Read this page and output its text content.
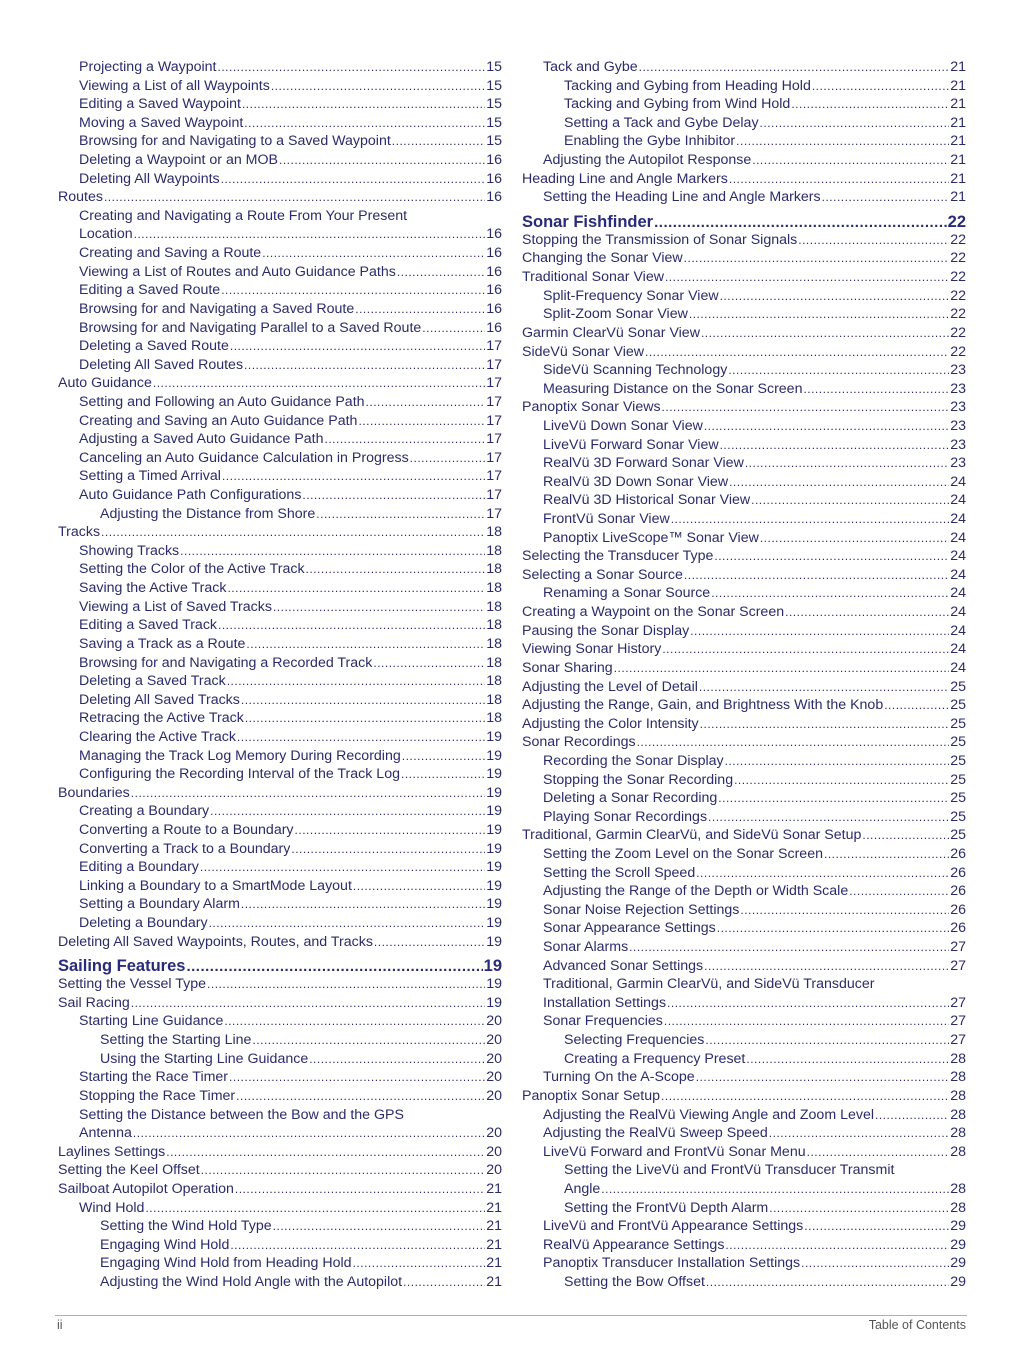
Projecting a Waypoint .....	15
Viewing a List of all Waypoints .....	15
Editing a Saved Waypoint .....	15
Moving a Saved Waypoint .....	15
Browsing for and Navigating to a Saved Waypoint .....	15
Deleting a Waypoint or an MOB .....	16
Deleting All Waypoints .....	16
Routes .....	16
Creating and Navigating a Route From Your Present
Location .....	16
Creating and Saving a Route .....	16
Viewing a List of Routes and Auto Guidance Paths .....	16
Editing a Saved Route .....	16
Browsing for and Navigating a Saved Route .....	16
Browsing for and Navigating Parallel to a Saved Route .....	16
Deleting a Saved Route .....	17
Deleting All Saved Routes .....	17
Auto Guidance .....	17
Setting and Following an Auto Guidance Path .....	17
Creating and Saving an Auto Guidance Path .....	17
Adjusting a Saved Auto Guidance Path .....	17
Canceling an Auto Guidance Calculation in Progress .....	17
Setting a Timed Arrival .....	17
Auto Guidance Path Configurations .....	17
Adjusting the Distance from Shore .....	17
Tracks .....	18
Showing Tracks .....	18
Setting the Color of the Active Track .....	18
Saving the Active Track .....	18
Viewing a List of Saved Tracks .....	18
Editing a Saved Track .....	18
Saving a Track as a Route .....	18
Browsing for and Navigating a Recorded Track .....	18
Deleting a Saved Track .....	18
Deleting All Saved Tracks .....	18
Retracing the Active Track .....	18
Clearing the Active Track .....	19
Managing the Track Log Memory During Recording .....	19
Configuring the Recording Interval of the Track Log .....	19
Boundaries .....	19
Creating a Boundary .....	19
Converting a Route to a Boundary .....	19
Converting a Track to a Boundary .....	19
Editing a Boundary .....	19
Linking a Boundary to a SmartMode Layout .....	19
Setting a Boundary Alarm .....	19
Deleting a Boundary .....	19
Deleting All Saved Waypoints, Routes, and Tracks .....	19
Sailing Features .....	19
Setting the Vessel Type .....	19
Sail Racing .....	19
Starting Line Guidance .....	20
Setting the Starting Line .....	20
Using the Starting Line Guidance .....	20
Starting the Race Timer .....	20
Stopping the Race Timer .....	20
Setting the Distance between the Bow and the GPS
Antenna .....	20
Laylines Settings .....	20
Setting the Keel Offset .....	20
Sailboat Autopilot Operation .....	21
Wind Hold .....	21
Setting the Wind Hold Type .....	21
Engaging Wind Hold .....	21
Engaging Wind Hold from Heading Hold .....	21
Adjusting the Wind Hold Angle with the Autopilot .....	21
Tack and Gybe .....	21
Tacking and Gybing from Heading Hold .....	21
Tacking and Gybing from Wind Hold .....	21
Setting a Tack and Gybe Delay .....	21
Enabling the Gybe Inhibitor .....	21
Adjusting the Autopilot Response .....	21
Heading Line and Angle Markers .....	21
Setting the Heading Line and Angle Markers .....	21
Sonar Fishfinder .....	22
Stopping the Transmission of Sonar Signals .....	22
Changing the Sonar View .....	22
Traditional Sonar View .....	22
Split-Frequency Sonar View .....	22
Split-Zoom Sonar View .....	22
Garmin ClearVü Sonar View .....	22
SideVü Sonar View .....	22
SideVü Scanning Technology .....	23
Measuring Distance on the Sonar Screen .....	23
Panoptix Sonar Views .....	23
LiveVü Down Sonar View .....	23
LiveVü Forward Sonar View .....	23
RealVü 3D Forward Sonar View .....	23
RealVü 3D Down Sonar View .....	24
RealVü 3D Historical Sonar View .....	24
FrontVü Sonar View .....	24
Panoptix LiveScope™ Sonar View .....	24
Selecting the Transducer Type .....	24
Selecting a Sonar Source .....	24
Renaming a Sonar Source .....	24
Creating a Waypoint on the Sonar Screen .....	24
Pausing the Sonar Display .....	24
Viewing Sonar History .....	24
Sonar Sharing .....	24
Adjusting the Level of Detail .....	25
Adjusting the Range, Gain, and Brightness With the Knob .....	25
Adjusting the Color Intensity .....	25
Sonar Recordings .....	25
Recording the Sonar Display .....	25
Stopping the Sonar Recording .....	25
Deleting a Sonar Recording .....	25
Playing Sonar Recordings .....	25
Traditional, Garmin ClearVü, and SideVü Sonar Setup .....	25
Setting the Zoom Level on the Sonar Screen .....	26
Setting the Scroll Speed .....	26
Adjusting the Range of the Depth or Width Scale .....	26
Sonar Noise Rejection Settings .....	26
Sonar Appearance Settings .....	26
Sonar Alarms .....	27
Advanced Sonar Settings .....	27
Traditional, Garmin ClearVü, and SideVü Transducer
Installation Settings .....	27
Sonar Frequencies .....	27
Selecting Frequencies .....	27
Creating a Frequency Preset .....	28
Turning On the A-Scope .....	28
Panoptix Sonar Setup .....	28
Adjusting the RealVü Viewing Angle and Zoom Level .....	28
Adjusting the RealVü Sweep Speed .....	28
LiveVü Forward and FrontVü Sonar Menu .....	28
Setting the LiveVü and FrontVü Transducer Transmit
Angle .....	28
Setting the FrontVü Depth Alarm .....	28
LiveVü and FrontVü Appearance Settings .....	29
RealVü Appearance Settings .....	29
Panoptix Transducer Installation Settings .....	29
Setting the Bow Offset .....	29
ii	Table of Contents
